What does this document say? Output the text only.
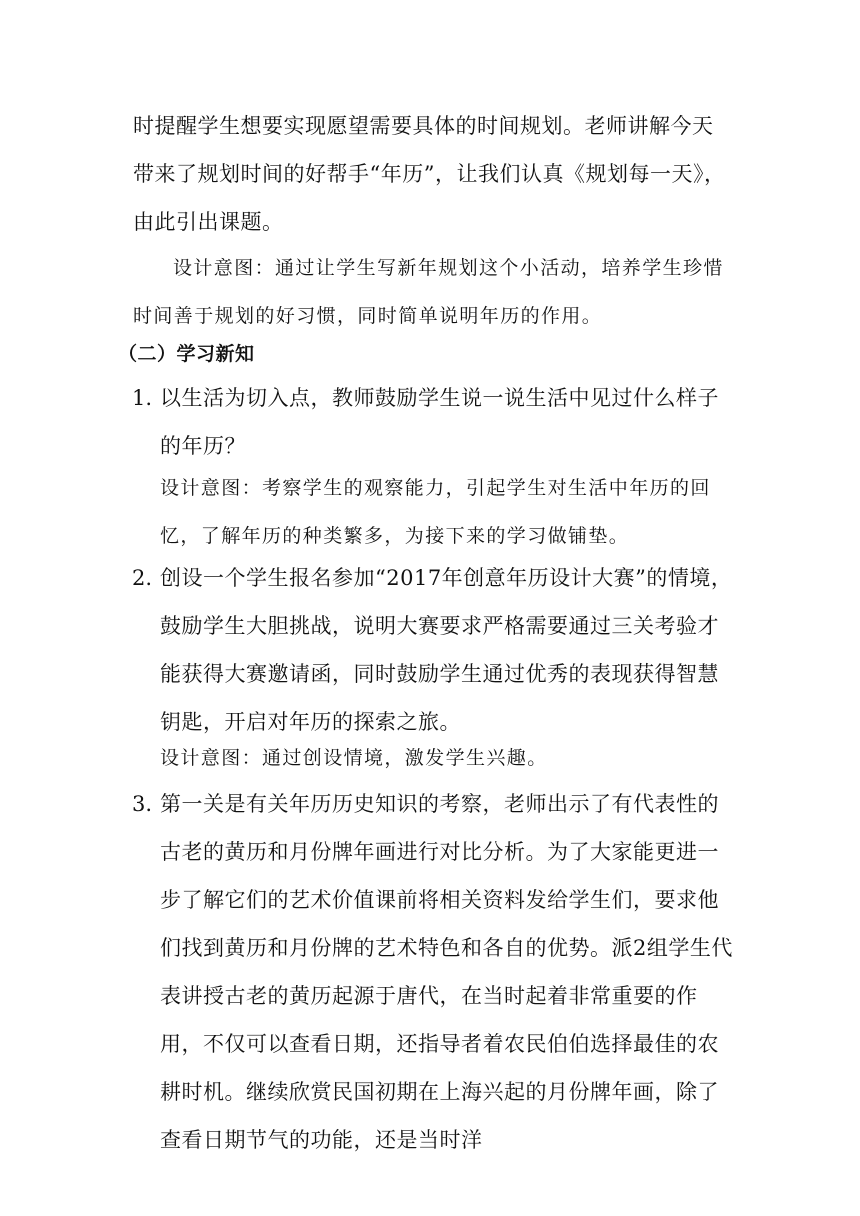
时提醒学生想要实现愿望需要具体的时间规划。老师讲解今天带来了规划时间的好帮手“年历”，让我们认真《规划每一天》，由此引出课题。

设计意图：通过让学生写新年规划这个小活动，培养学生珍惜时间善于规划的好习惯，同时简单说明年历的作用。

（二）学习新知
1. 以生活为切入点，教师鼓励学生说一说生活中见过什么样子的年历？

设计意图：考察学生的观察能力，引起学生对生活中年历的回忆，了解年历的种类繁多，为接下来的学习做铺垫。

2. 创设一个学生报名参加“2017年创意年历设计大赛”的情境，鼓励学生大胆挑战，说明大赛要求严格需要通过三关考验才能获得大赛邀请函，同时鼓励学生通过优秀的表现获得智慧钥匙，开启对年历的探索之旅。

设计意图：通过创设情境，激发学生兴趣。

3. 第一关是有关年历历史知识的考察，老师出示了有代表性的古老的黄历和月份牌年画进行对比分析。为了大家能更进一步了解它们的艺术价值课前将相关资料发给学生们，要求他们找到黄历和月份牌的艺术特色和各自的优势。派2组学生代表讲授古老的黄历起源于唐代，在当时起着非常重要的作用，不仅可以查看日期，还指导者着农民伯伯选择最佳的农耕时机。继续欣赏民国初期在上海兴起的月份牌年画，除了查看日期节气的功能，还是当时洋
